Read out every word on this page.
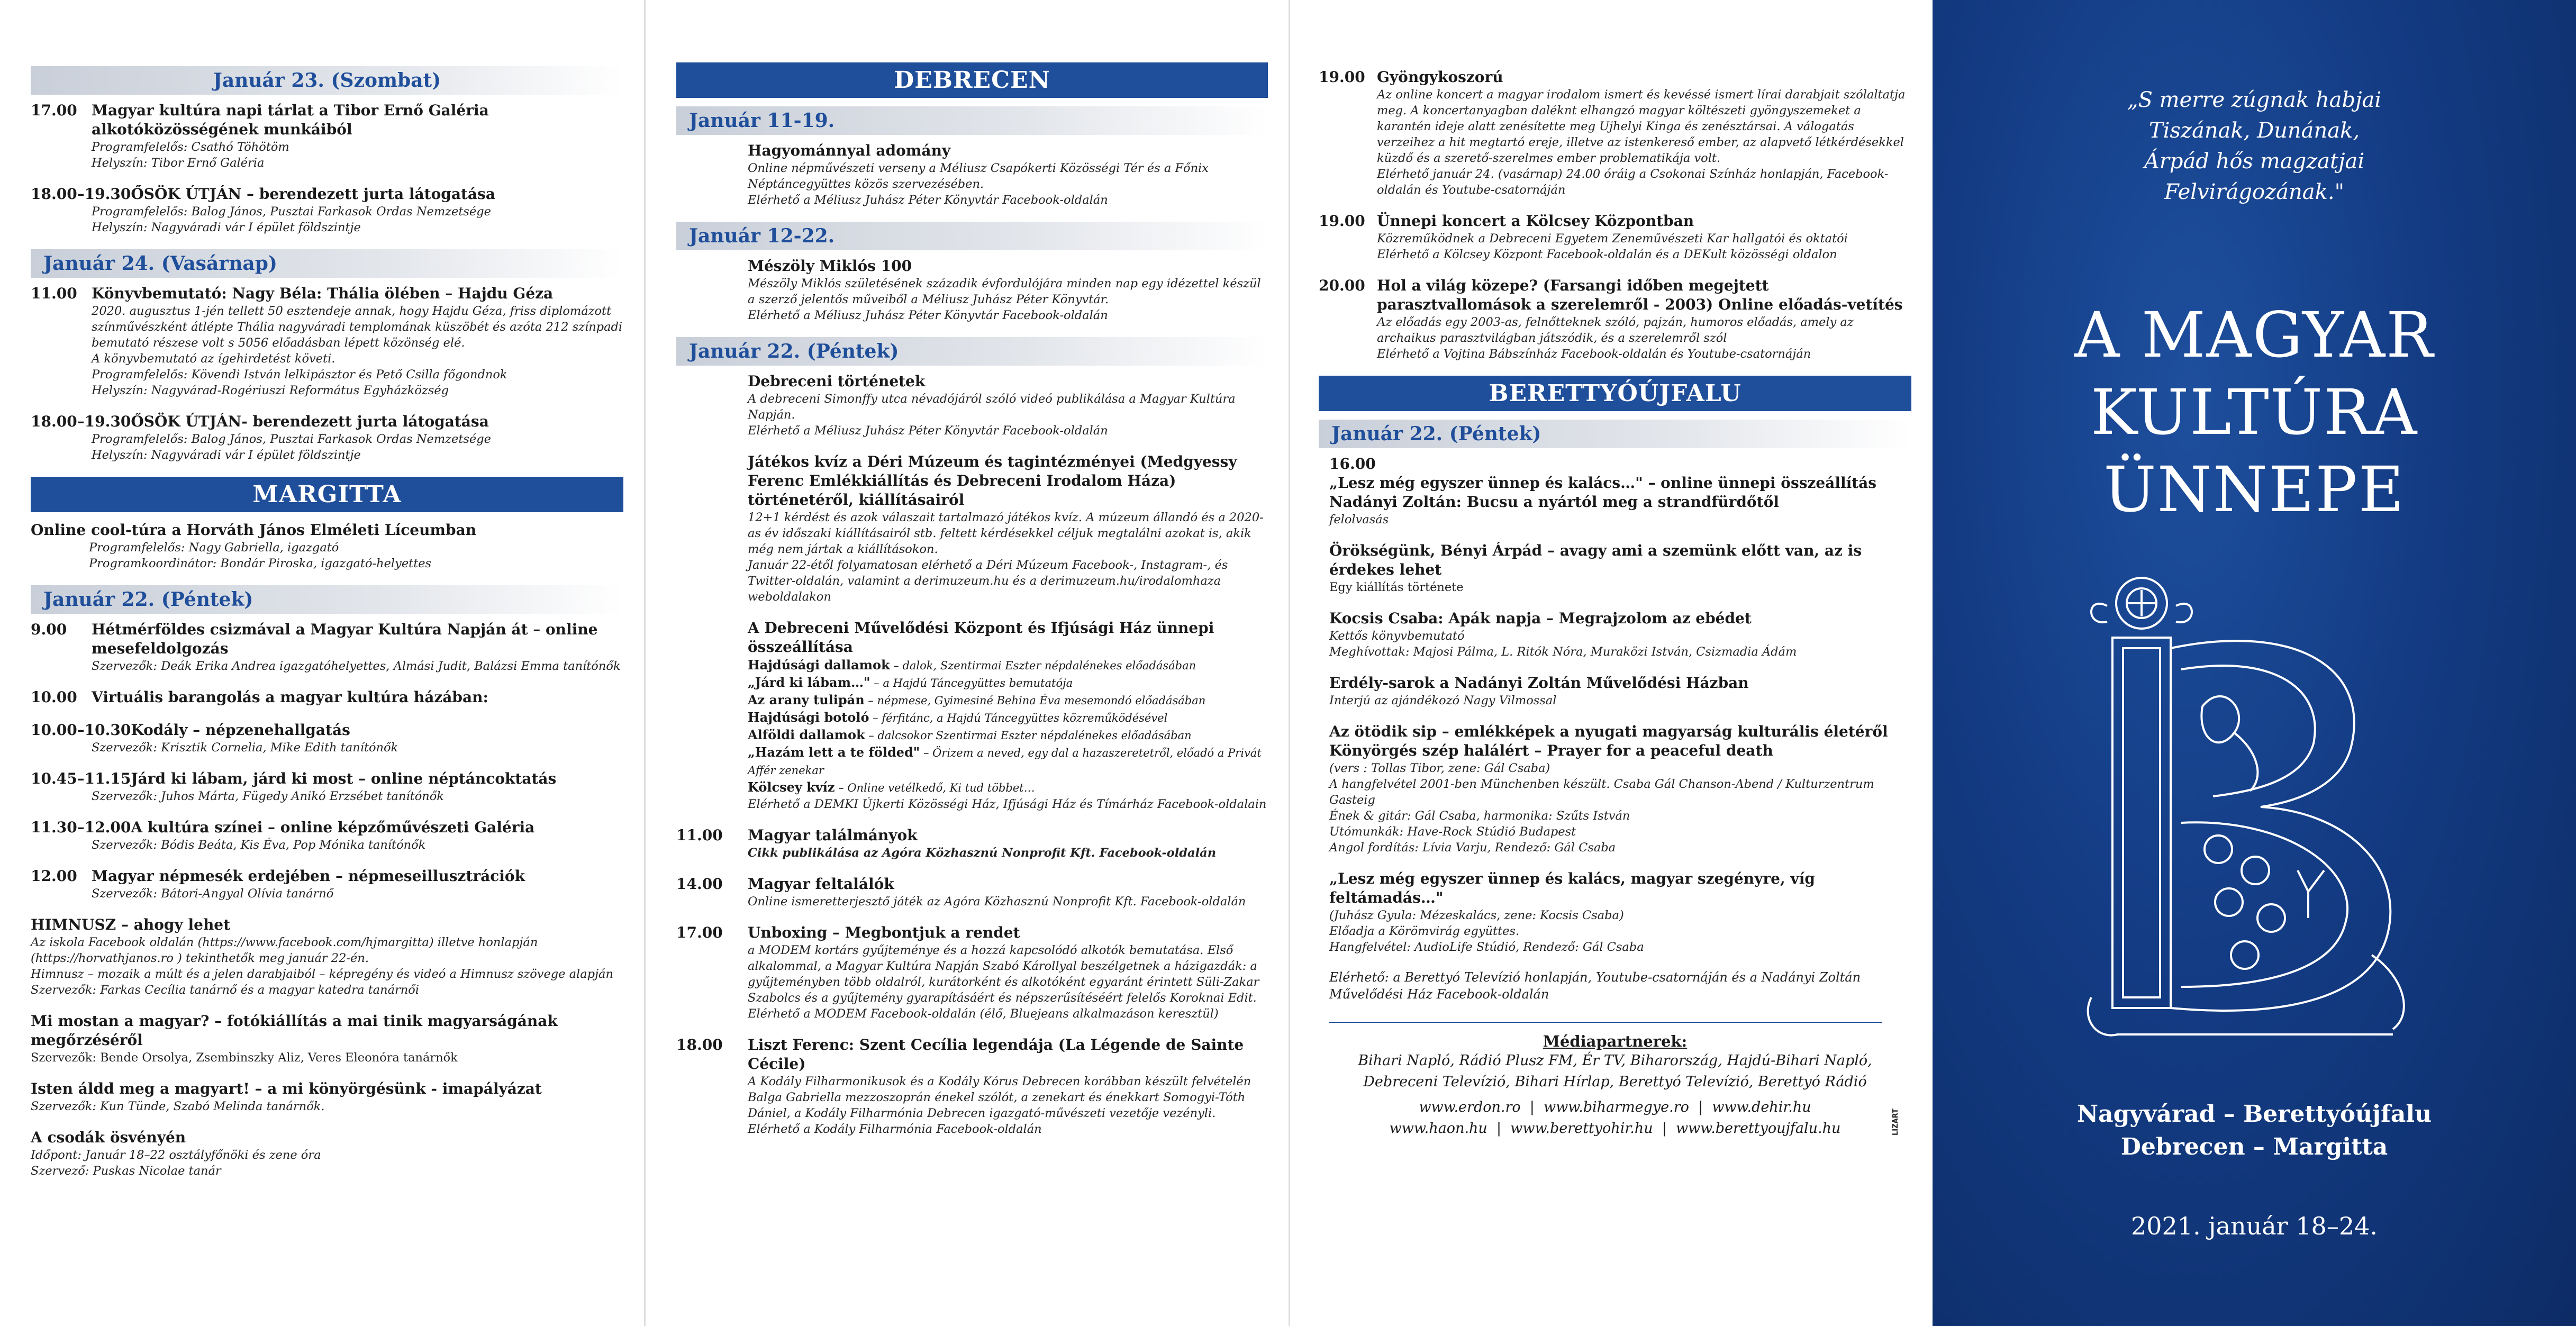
Január 23. (Szombat)
17.00 Magyar kultúra napi tárlat a Tibor Ernő Galéria alkotóközösségének munkáiból
Programfelelős: Csathó Töhötöm
Helyszín: Tibor Ernő Galéria
18.00–19.30 ŐSÖK ÚTJÁN – berendezett jurta látogatása
Programfelelős: Balog János, Pusztai Farkasok Ordas Nemzetsége
Helyszín: Nagyváradi vár I épület földszintje
Január 24. (Vasárnap)
11.00 Könyvbemutató: Nagy Béla: Thália ölében – Hajdu Géza
2020. augusztus 1-jén tellett 50 esztendeje annak, hogy Hajdu Géza, friss diplomázott színművészként átlépte Thália nagyváradi templomának küszöbét és azóta 212 színpadi bemutató részese volt s 5056 előadásban lépett közönség elé.
A könyvbemutató az ígehirdetést követi.
Programfelelős: Kövendi István lelkipásztor és Pető Csilla főgondnok
Helyszín: Nagyvárad-Rogériuszi Református Egyházközség
18.00–19.30 ŐSÖK ÚTJÁN- berendezett jurta látogatása
Programfelelős: Balog János, Pusztai Farkasok Ordas Nemzetsége
Helyszín: Nagyváradi vár I épület földszintje
MARGITTA
Online cool-túra a Horváth János Elméleti Líceumban
Programfelelős: Nagy Gabriella, igazgató
Programkoordinátor: Bondár Piroska, igazgató-helyettes
Január 22. (Péntek)
9.00	Hétmérföldes csizmával a Magyar Kultúra Napján át – online mesefeldolgozás
Szervezők: Deák Erika Andrea igazgatóhelyettes, Almási Judit, Balázsi Emma tanítónők
10.00 Virtuális barangolás a magyar kultúra házában:
10.00–10.30 Kodály – népzenehallgatás
Szervezők: Krisztik Cornelia, Mike Edith tanítónők
10.45–11.15 Járd ki lábam, járd ki most – online néptáncoktatás
Szervezők: Juhos Márta, Fügedy Anikó Erzsébet tanítónők
11.30–12.00 A kultúra színei – online képzőművészeti Galéria
Szervezők: Bódis Beáta, Kis Éva, Pop Mónika tanítónők
12.00 Magyar népmesék erdejében – népmeseillusztrációk
Szervezők: Bátori-Angyal Olívia tanárnő
HIMNUSZ – ahogy lehet
Az iskola Facebook oldalán (https://www.facebook.com/hjmargitta) illetve honlapján (https://horvathjanos.ro ) tekinthetők meg január 22-én.
Himnusz – mozaik a múlt és a jelen darabjaiból – képregény és videó a Himnusz szövege alapján
Szervezők: Farkas Cecília tanárnő és a magyar katedra tanárnői
Mi mostan a magyar? – fotókiállítás a mai tinik magyarságának megőrzéséről
Szervezők: Bende Orsolya, Zsembinszky Aliz, Veres Eleonóra tanárnők
Isten áldd meg a magyart! – a mi könyörgésünk - imapályázat
Szervezők: Kun Tünde, Szabó Melinda tanárnők.
A csodák ösvényén
Időpont: Január 18–22 osztályfőnöki és zene óra
Szervező: Puskas Nicolae tanár
DEBRECEN
Január 11-19.
Hagyománnyal adomány
Online népművészeti verseny a Méliusz Csapókerti Közösségi Tér és a Főnix Néptáncegyüttes közös szervezésében.
Elérhető a Méliusz Juhász Péter Könyvtár Facebook-oldalán
Január 12-22.
Mészöly Miklós 100
Mészöly Miklós születésének századik évfordulójára minden nap egy idézettel készül a szerző jelentős műveiből a Méliusz Juhász Péter Könyvtár.
Elérhető a Méliusz Juhász Péter Könyvtár Facebook-oldalán
Január 22. (Péntek)
Debreceni történetek
A debreceni Simonffy utca névadójáról szóló videó publikálása a Magyar Kultúra Napján.
Elérhető a Méliusz Juhász Péter Könyvtár Facebook-oldalán
Játékos kvíz a Déri Múzeum és tagintézményei (Medgyessy Ferenc Emlékkiállítás és Debreceni Irodalom Háza) történetéről, kiállításairól
12+1 kérdést és azok válaszait tartalmazó játékos kvíz. A múzeum állandó és a 2020-as év időszaki kiállításairól stb. feltett kérdésekkel céljuk megtalálni azokat is, akik még nem jártak a kiállításokon.
Január 22-étől folyamatosan elérhető a Déri Múzeum Facebook-, Instagram-, és Twitter-oldalán, valamint a derimuzeum.hu és a derimuzeum.hu/irodalomhaza weboldalakon
A Debreceni Művelődési Központ és Ifjúsági Ház ünnepi összeállítása
Hajdúsági dallamok – dalok, Szentirmai Eszter népdalénekes előadásában
„Járd ki lábam…" – a Hajdú Táncegyüttes bemutatója
Az arany tulipán – népmese, Gyimesiné Behina Éva mesemondó előadásában
Hajdúsági botoló – férfitánc, a Hajdú Táncegyüttes közreműködésével
Alföldi dallamok – dalcsokor Szentirmai Eszter népdalénekes előadásában
„Hazám lett a te földed" – Örizem a neved, egy dal a hazaszeretetről, előadó a Privát Affér zenekar
Kölcsey kvíz – Online vetélkedő, Ki tud többet…
Elérhető a DEMKI Újkerti Közösségi Ház, Ifjúsági Ház és Tímárház Facebook-oldalain
11.00	Magyar találmányok
Cikk publikálása az Agóra Közhasznú Nonprofit Kft. Facebook-oldalán
14.00	Magyar feltalálók
Online ismeretterjesztő játék az Agóra Közhasznú Nonprofit Kft. Facebook-oldalán
17.00	Unboxing – Megbontjuk a rendet
a MODEM kortárs gyűjteménye és a hozzá kapcsolódó alkotók bemutatása. Első alkalommal, a Magyar Kultúra Napján Szabó Károllyal beszélgetnek a házigazdák: a gyűjteményben több oldalról, kurátorként és alkotóként egyaránt érintett Süli-Zakar Szabolcs és a gyűjtemény gyarapításáért és népszerűsítéséért felelős Koroknai Edit.
Elérhető a MODEM Facebook-oldalán (élő, Bluejeans alkalmazáson keresztül)
18.00	Liszt Ferenc: Szent Cecília legendája (La Légende de Sainte Cécile)
A Kodály Filharmonikusok és a Kodály Kórus Debrecen korábban készült felvételén Balga Gabriella mezzoszoprán énekel szólót, a zenekart és énekkart Somogyi-Tóth Dániel, a Kodály Filharmónia Debrecen igazgató-művészeti vezetője vezényli.
Elérhető a Kodály Filharmónia Facebook-oldalán
19.00 Gyöngykoszorú
Az online koncert a magyar irodalom ismert és kevéssé ismert lírai darabjait szólaltatja meg. A koncertanyagban daléknt elhangzó magyar költészeti gyöngyszemeket a karantén ideje alatt zenésítette meg Ujhelyi Kinga és zenésztársai. A válogatás verzeihez a hit megtartó ereje, illetve az istenkereső ember, az alapvető létkérdésekkel küzdő és a szerető-szerelmes ember problematikája volt.
Elérhető január 24. (vasárnap) 24.00 óráig a Csokonai Színház honlapján, Facebook-oldalán és Youtube-csatornáján
19.00 Ünnepi koncert a Kölcsey Központban
Közreműködnek a Debreceni Egyetem Zeneművészeti Kar hallgatói és oktatói
Elérhető a Kölcsey Központ Facebook-oldalán és a DEKult közösségi oldalon
20.00 Hol a világ közepe? (Farsangi időben megejtett parasztvallomások a szerelemről - 2003) Online előadás-vetítés
Az előadás egy 2003-as, felnőtteknek szóló, pajzán, humoros előadás, amely az archaikus parasztvilágban játszódik, és a szerelemről szól
Elérhető a Vojtina Bábszínház Facebook-oldalán és Youtube-csatornáján
BERETTYÓÚJFALU
Január 22. (Péntek)
16.00
„Lesz még egyszer ünnep és kalács…" – online ünnepi összeállítás Nadányi Zoltán: Bucsu a nyártól meg a strandfürdőtől
felolvasás
Örökségünk, Bényi Árpád – avagy ami a szemünk előtt van, az is érdekes lehet
Egy kiállítás története
Kocsis Csaba: Apák napja – Megrajzolom az ebédet
Kettős könyvbemutató
Meghívottak: Majosi Pálma, L. Ritók Nóra, Muraközi István, Csizmadia Ádám
Erdély-sarok a Nadányi Zoltán Művelődési Házban
Interjú az ajándékozó Nagy Vilmossal
Az ötödik sip – emlékképek a nyugati magyarság kulturális életéről Könyörgés szép halálért – Prayer for a peaceful death
(vers : Tollas Tibor, zene: Gál Csaba)
A hangfelvétel 2001-ben Münchenben készült. Csaba Gál Chanson-Abend / Kulturzentrum Gasteig
Ének & gitár: Gál Csaba, harmonika: Szűts István
Utómunkák: Have-Rock Stúdió Budapest
Angol fordítás: Lívia Varju, Rendező: Gál Csaba
„Lesz még egyszer ünnep és kalács, magyar szegényre, víg feltámadás…"
(Juhász Gyula: Mézeskalács, zene: Kocsis Csaba)
Előadja a Körömvirág együttes.
Hangfelvétel: AudioLife Stúdió, Rendező: Gál Csaba
Elérhető: a Berettyó Televízió honlapján, Youtube-csatornáján és a Nadányi Zoltán Művelődési Ház Facebook-oldalán
Médiapartnerek:
Bihari Napló, Rádió Plusz FM, Ér TV, Biharország, Hajdú-Bihari Napló,
Debreceni Televízió, Bihari Hírlap, Berettyó Televízió, Berettyó Rádió
www.erdon.ro  |  www.biharmegye.ro  |  www.dehir.hu
www.haon.hu  |  www.berettyohir.hu  |  www.berettyoujfalu.hu	LIZART
„S merre zúgnak habjai
Tiszának, Dunának,
Árpád hős magzatjai
Felvirágozának."
A MAGYAR
KULTÚRA
ÜNNEPE
Nagyvárad – Berettyóújfalu
Debrecen – Margitta
2021. január 18–24.
